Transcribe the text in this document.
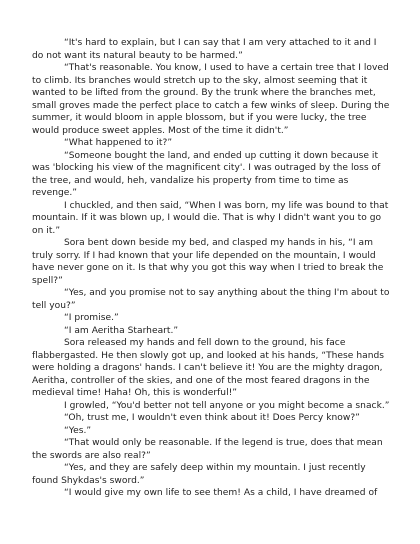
“It's hard to explain, but I can say that I am very attached to it and I do not want its natural beauty to be harmed.”

“That's reasonable. You know, I used to have a certain tree that I loved to climb. Its branches would stretch up to the sky, almost seeming that it wanted to be lifted from the ground. By the trunk where the branches met, small groves made the perfect place to catch a few winks of sleep. During the summer, it would bloom in apple blossom, but if you were lucky, the tree would produce sweet apples. Most of the time it didn't.”

“What happened to it?”

“Someone bought the land, and ended up cutting it down because it was 'blocking his view of the magnificent city'. I was outraged by the loss of the tree, and would, heh, vandalize his property from time to time as revenge.”

I chuckled, and then said, “When I was born, my life was bound to that mountain. If it was blown up, I would die. That is why I didn't want you to go on it.”

Sora bent down beside my bed, and clasped my hands in his, “I am truly sorry. If I had known that your life depended on the mountain, I would have never gone on it. Is that why you got this way when I tried to break the spell?”

“Yes, and you promise not to say anything about the thing I'm about to tell you?”

“I promise.”

“I am Aeritha Starheart.”

Sora released my hands and fell down to the ground, his face flabbergasted. He then slowly got up, and looked at his hands, “These hands were holding a dragons' hands. I can't believe it! You are the mighty dragon, Aeritha, controller of the skies, and one of the most feared dragons in the medieval time! Haha! Oh, this is wonderful!”

I growled, “You'd better not tell anyone or you might become a snack.”

“Oh, trust me, I wouldn't even think about it! Does Percy know?”

“Yes.”

“That would only be reasonable. If the legend is true, does that mean the swords are also real?”

“Yes, and they are safely deep within my mountain. I just recently found Shykdas's sword.”

“I would give my own life to see them! As a child, I have dreamed of
